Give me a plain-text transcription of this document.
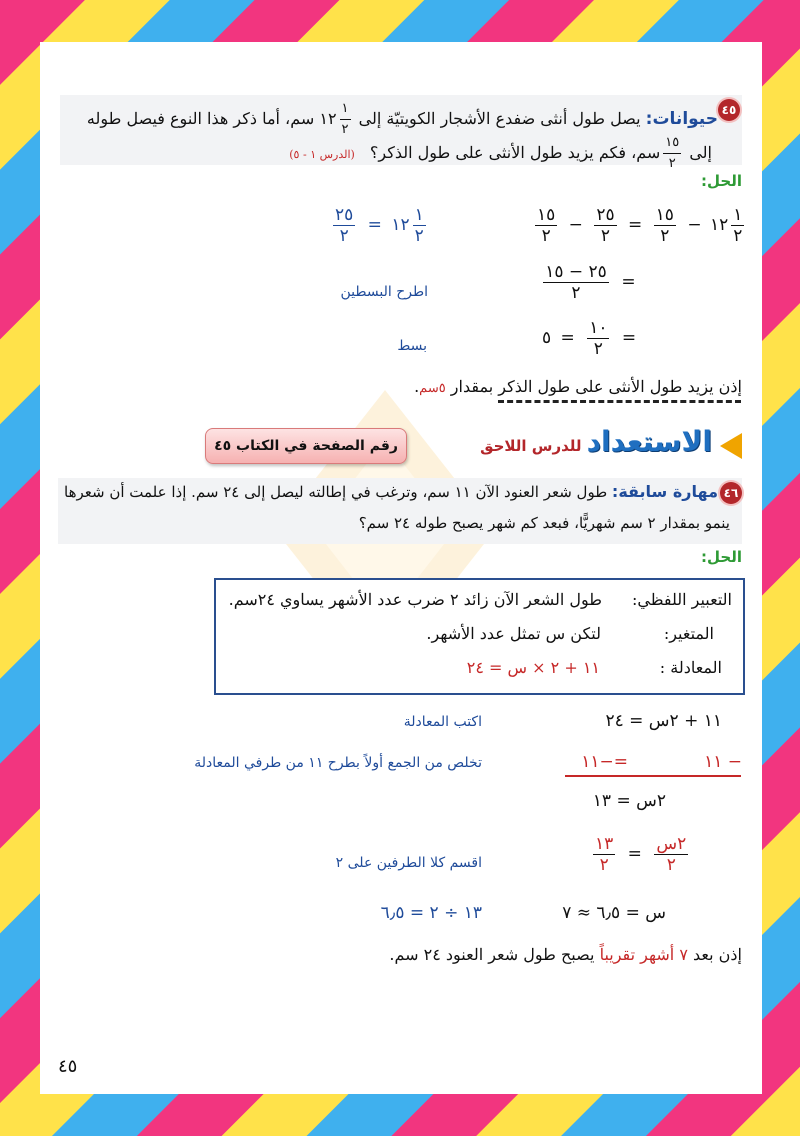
٤٥
حيوانات: يصل طول أنثى ضفدع الأشجار الكويتيّة إلى
$\frac{١}{٢}$
١٢ سم، أما ذكر هذا النوع فيصل طوله
إلى
$\frac{١٥}{٢}$
سم، فكم يزيد طول الأنثى على طول الذكر؟ (الدرس ١ - ٥)
الحل:
$\frac{١}{٢}$
١٢ =
$\frac{٢٥}{٢}$	$\frac{١}{٢}$
١٢ −
$\frac{١٥}{٢}$
=
$\frac{٢٥}{٢}$
−
$\frac{١٥}{٢}$
=
$\frac{٢٥ - ١٥}{٢}$
اطرح البسطين
=
$\frac{١٠}{٢}$
= ٥
بسط
إذن يزيد طول الأنثى على طول الذكر بمقدار ٥سم.
الاستعداد للدرس اللاحق
رقم الصفحة في الكتاب ٤٥
٤٦
مهارة سابقة: طول شعر العنود الآن ١١ سم، وترغب في إطالته ليصل إلى ٢٤ سم. إذا علمت أن شعرها
ينمو بمقدار ٢ سم شهريًّا، فبعد كم شهر يصبح طوله ٢٤ سم؟
الحل:
التعبير اللفظي:
طول الشعر الآن زائد ٢ ضرب عدد الأشهر يساوي ٢٤سم.
المتغير:
لتكن س تمثل عدد الأشهر.
المعادلة :
١١ + ٢ × س = ٢٤
١١ + ٢س = ٢٤
اكتب المعادلة
− ١١
=−١١
تخلص من الجمع أولاً بطرح ١١ من طرفي المعادلة
٢س = ١٣
$\frac{١٣}{٢} = \frac{\text{٢س}}{٢}$
اقسم كلا الطرفين على ٢
س = ٦٫٥ ≈ ٧
١٣ ÷ ٢ = ٦٫٥
إذن بعد ٧ أشهر تقريباً يصبح طول شعر العنود ٢٤ سم.
٤٥
